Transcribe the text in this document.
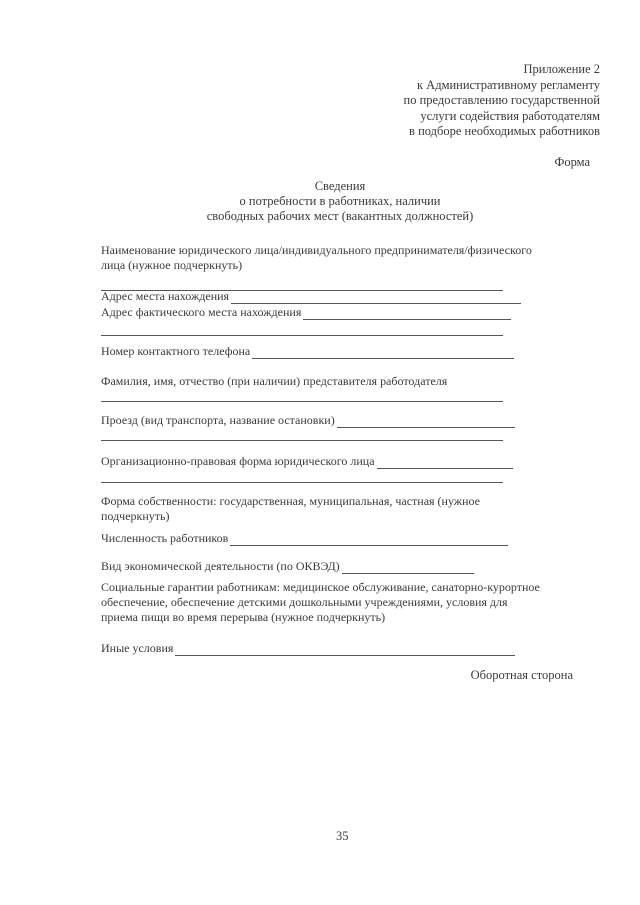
Приложение 2
к Административному регламенту
по предоставлению государственной
услуги содействия работодателям
в подборе необходимых работников
Форма
Сведения
о потребности в работниках, наличии
свободных рабочих мест (вакантных должностей)
Наименование юридического лица/индивидуального предпринимателя/физического
лица (нужное подчеркнуть)
Адрес места нахождения
Адрес фактического места нахождения
Номер контактного телефона
Фамилия, имя, отчество (при наличии) представителя работодателя
Проезд (вид транспорта, название остановки)
Организационно-правовая форма юридического лица
Форма собственности: государственная, муниципальная, частная (нужное
подчеркнуть)
Численность работников
Вид экономической деятельности (по ОКВЭД)
Социальные гарантии работникам: медицинское обслуживание, санаторно-курортное
обеспечение, обеспечение детскими дошкольными учреждениями, условия для
приема пищи во время перерыва (нужное подчеркнуть)
Иные условия
Оборотная сторона
35
